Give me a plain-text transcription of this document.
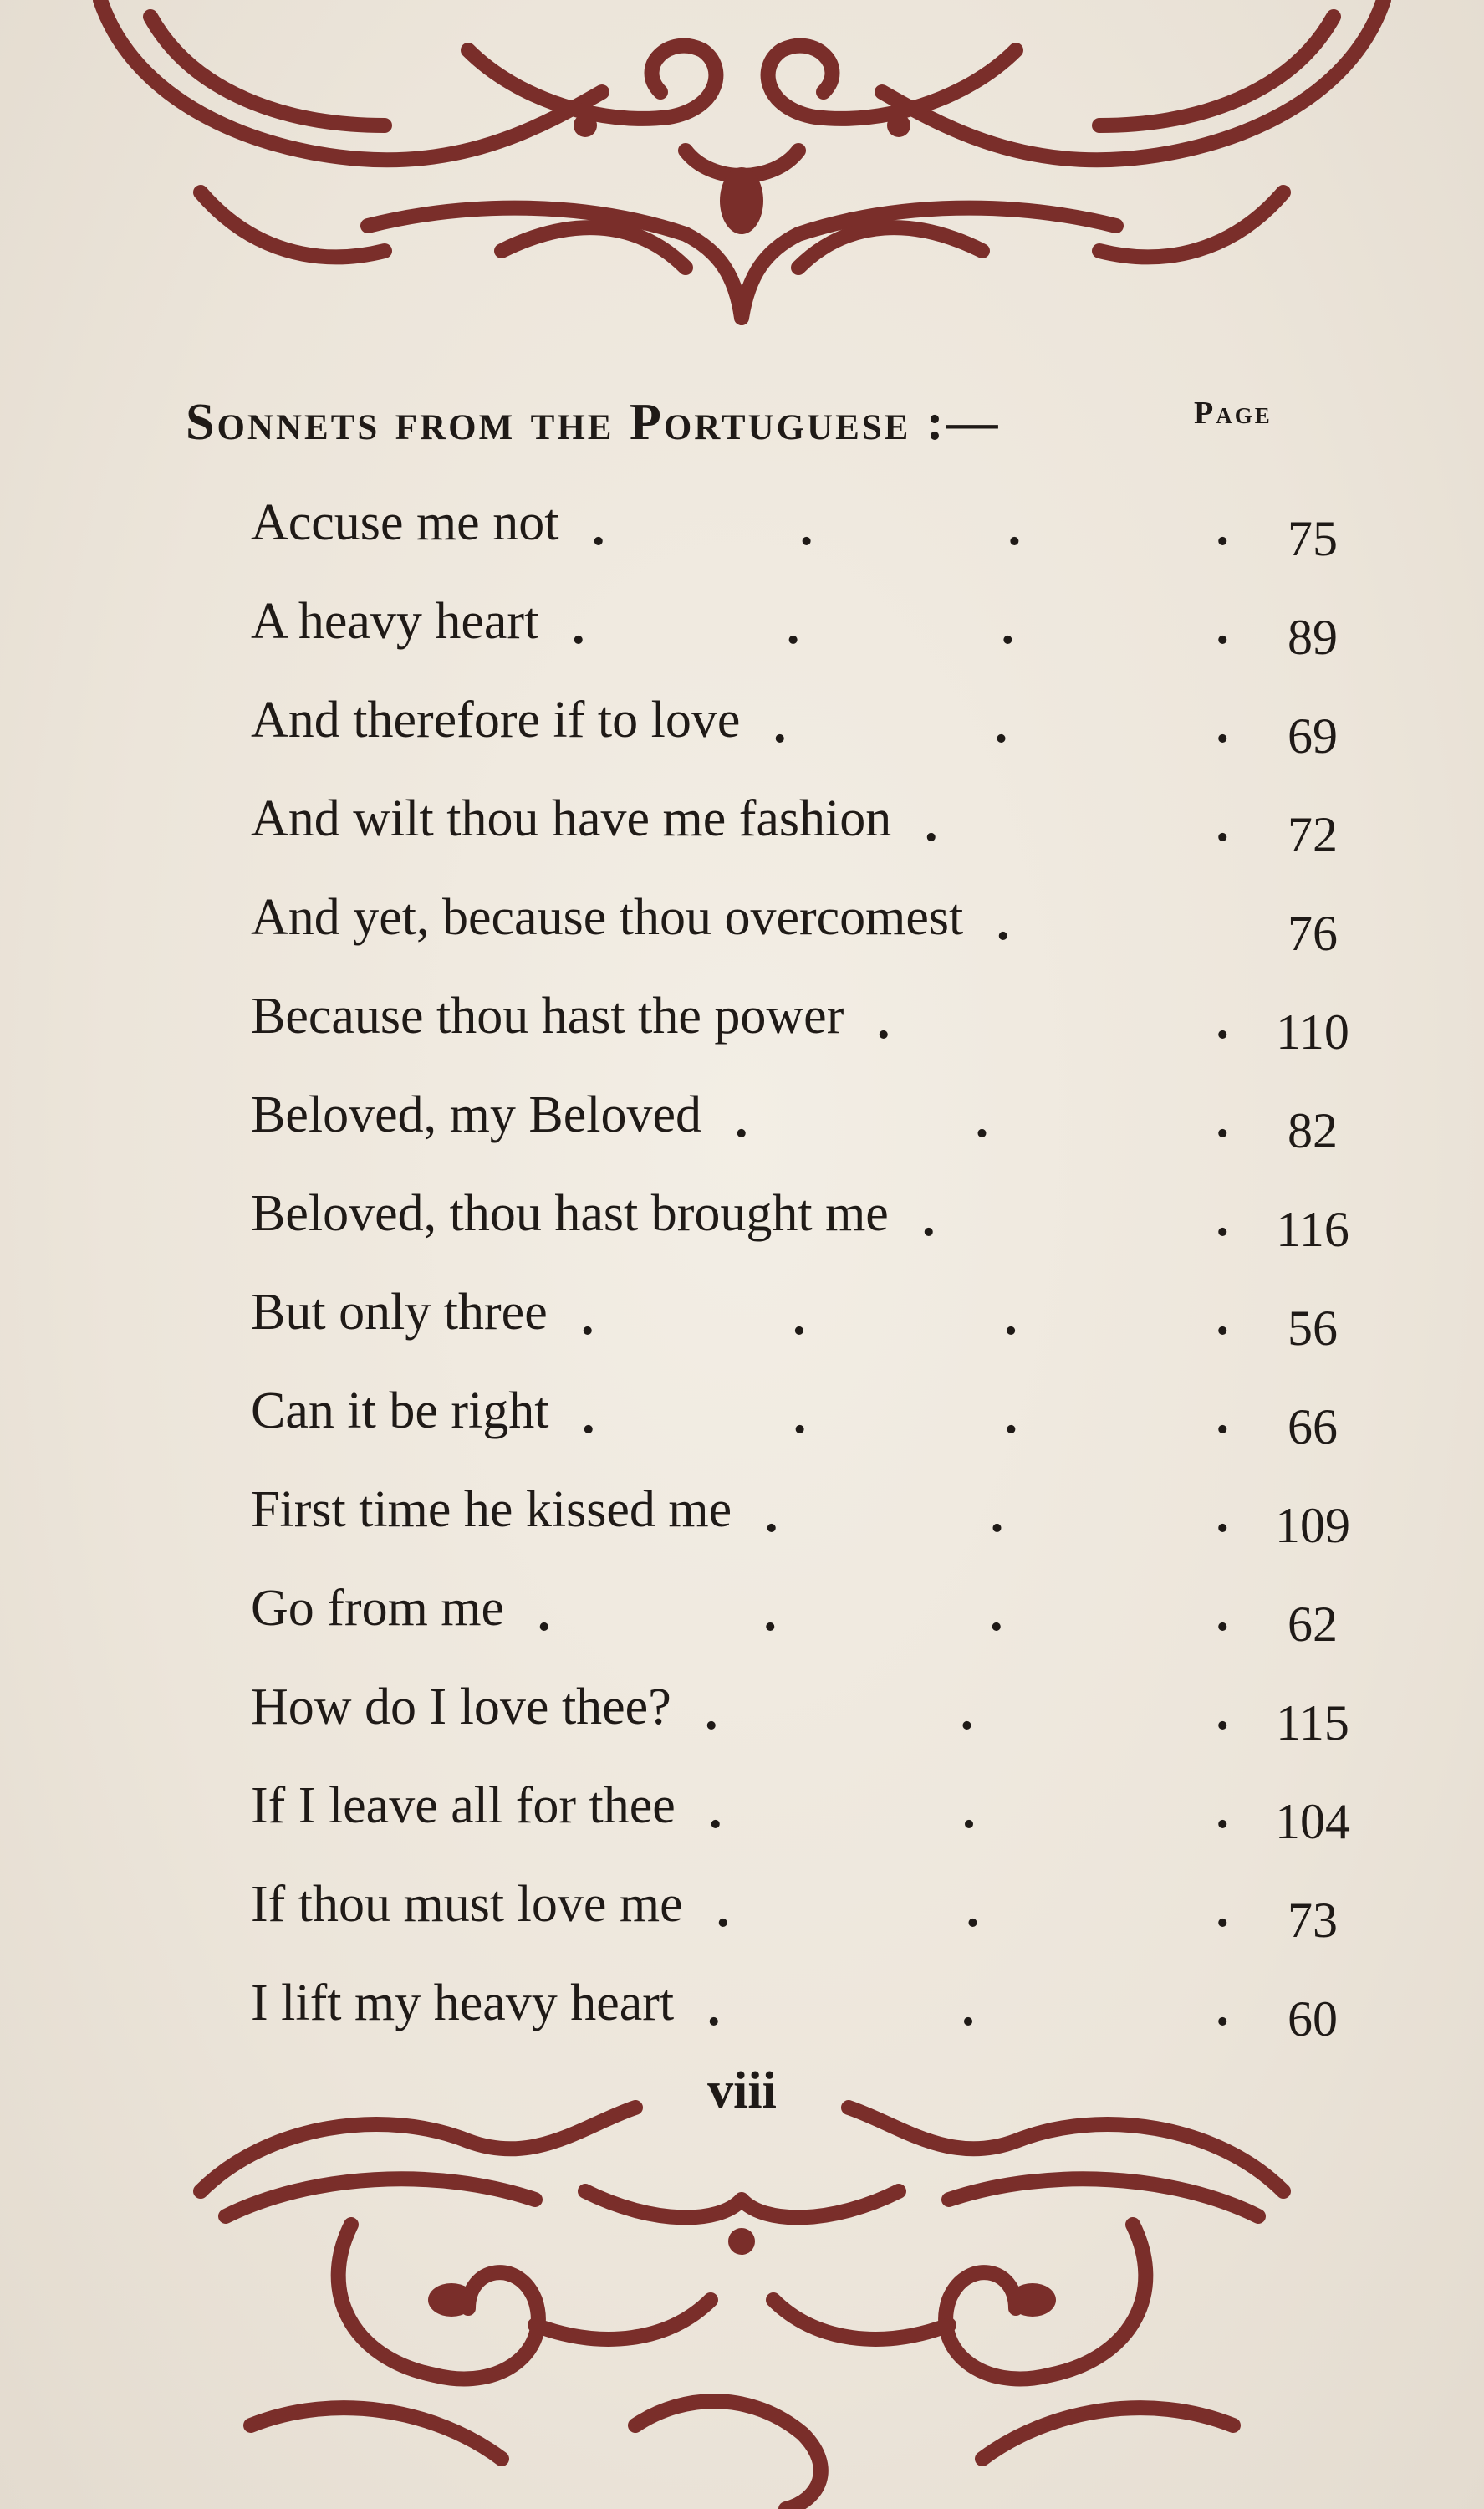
Sonnets from the Portuguese :—	Page
Accuse me not	75
.	.	.	.
A heavy heart	89
.	.	.	.
And therefore if to love	69
.	.	.
And wilt thou have me fashion	72
.	.
And yet, because thou overcomest	76
.
Because thou hast the power	110
.	.
Beloved, my Beloved	82
.	.	.
Beloved, thou hast brought me	116
.	.
But only three	56
.	.	.	.
Can it be right	66
.	.	.	.
First time he kissed me	109
.	.	.
Go from me	62
.	.	.	.
How do I love thee?	115
.	.	.
If I leave all for thee	104
.	.	.
If thou must love me	73
.	.	.
I lift my heavy heart	60
.	.	.
viii
